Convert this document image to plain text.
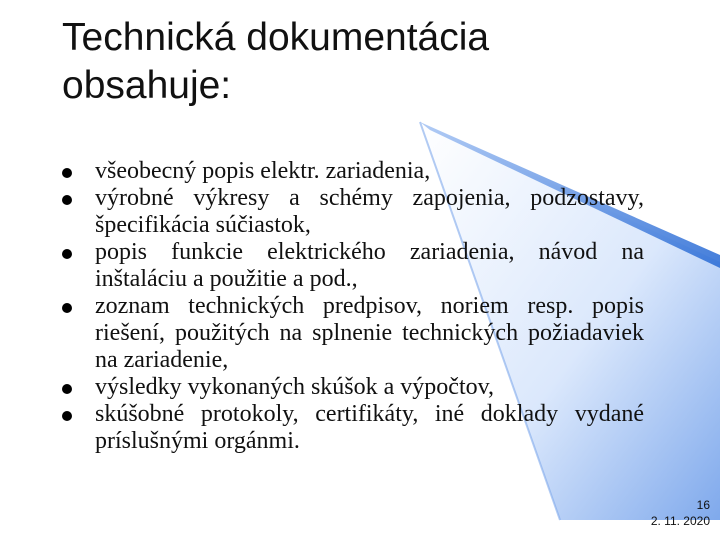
Technická dokumentácia
obsahuje:
všeobecný popis elektr. zariadenia,
výrobné výkresy a schémy zapojenia, podzostavy, špecifikácia súčiastok,
popis funkcie elektrického zariadenia, návod na inštaláciu a použitie a pod.,
zoznam technických predpisov, noriem resp. popis riešení, použitých na splnenie technických požiadaviek na zariadenie,
výsledky vykonaných skúšok a výpočtov,
skúšobné protokoly, certifikáty, iné doklady vydané príslušnými orgánmi.
16
2. 11. 2020
